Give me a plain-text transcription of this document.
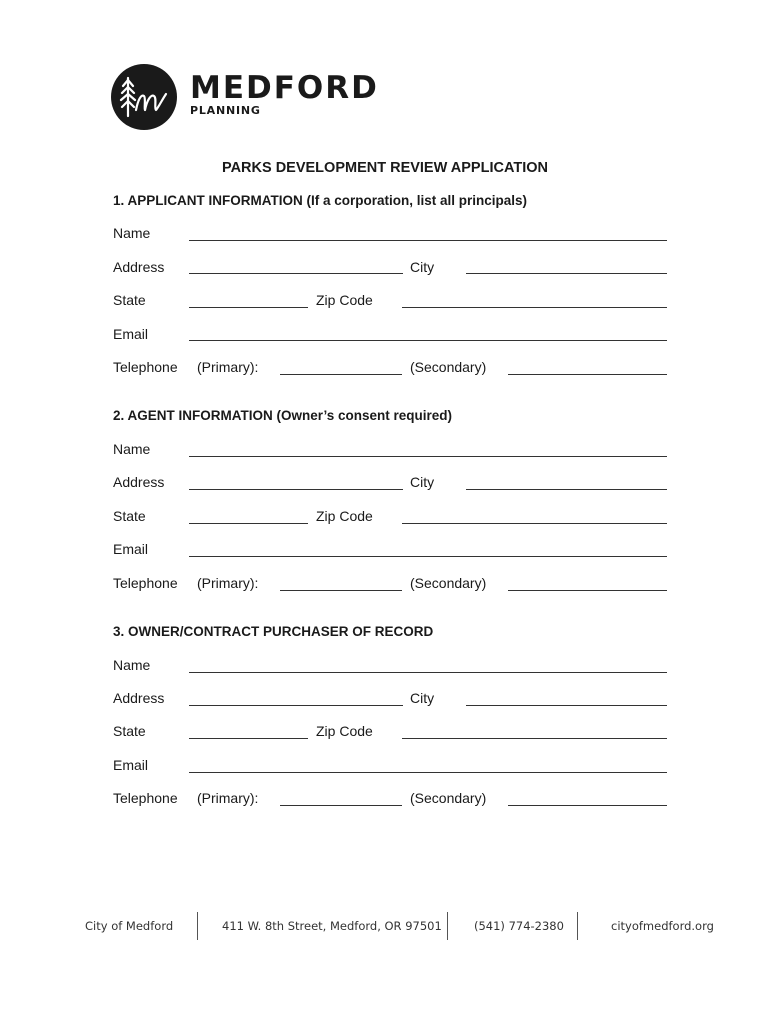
MEDFORD
PLANNING
PARKS DEVELOPMENT REVIEW APPLICATION
1. APPLICANT INFORMATION (If a corporation, list all principals)
Name
Address	City
State	Zip Code
Email
Telephone (Primary):	(Secondary)
2. AGENT INFORMATION (Owner’s consent required)
Name
Address	City
State	Zip Code
Email
Telephone (Primary):	(Secondary)
3. OWNER/CONTRACT PURCHASER OF RECORD
Name
Address	City
State	Zip Code
Email
Telephone (Primary):	(Secondary)
City of Medford	411 W. 8th Street, Medford, OR 97501	(541) 774-2380	cityofmedford.org
